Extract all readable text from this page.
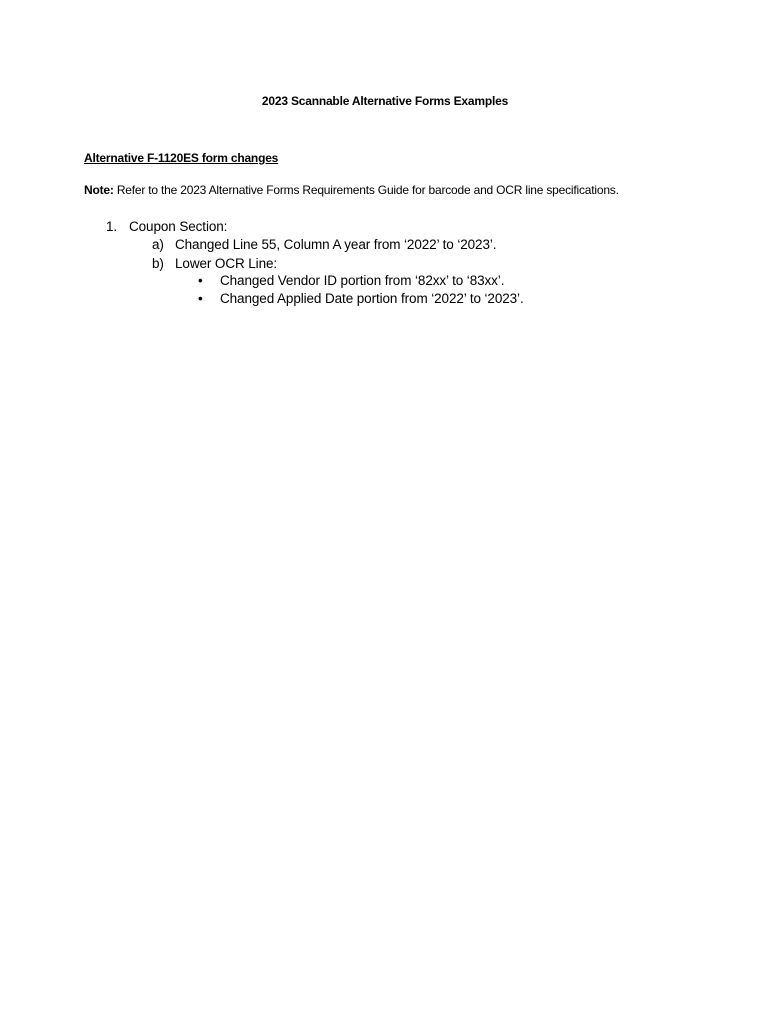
2023 Scannable Alternative Forms Examples
Alternative F-1120ES form changes
Note: Refer to the 2023 Alternative Forms Requirements Guide for barcode and OCR line specifications.
1. Coupon Section:
a) Changed Line 55, Column A year from ‘2022’ to ‘2023’.
b) Lower OCR Line:
• Changed Vendor ID portion from ‘82xx’ to ‘83xx’.
• Changed Applied Date portion from ‘2022’ to ‘2023’.
